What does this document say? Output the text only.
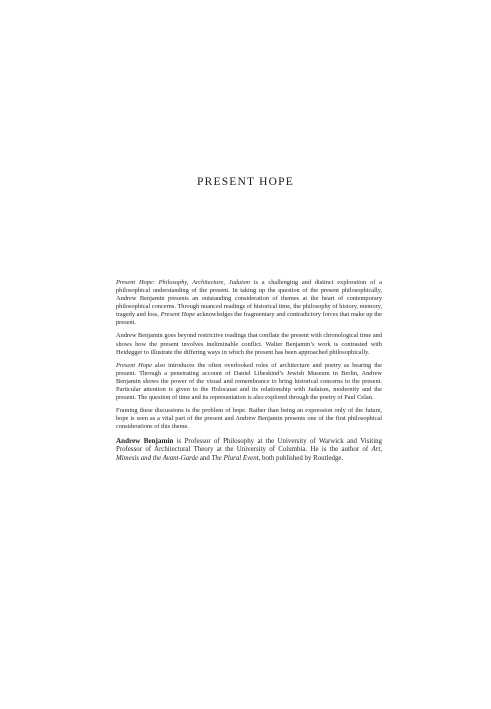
PRESENT HOPE

Present Hope: Philosophy, Architecture, Judaism is a challenging and distinct exploration of a philosophical understanding of the present. In taking up the question of the present philosophically, Andrew Benjamin presents an outstanding consideration of themes at the heart of contemporary philosophical concerns. Through nuanced readings of historical time, the philosophy of history, memory, tragedy and loss, Present Hope acknowledges the fragmentary and contradictory forces that make up the present.

Andrew Benjamin goes beyond restrictive readings that conflate the present with chronological time and shows how the present involves ineliminable conflict. Walter Benjamin’s work is contrasted with Heidegger to illustrate the differing ways in which the present has been approached philosophically.

Present Hope also introduces the often overlooked roles of architecture and poetry as bearing the present. Through a penetrating account of Daniel Libeskind’s Jewish Museum in Berlin, Andrew Benjamin shows the power of the visual and remembrance to bring historical concerns to the present. Particular attention is given to the Holocaust and its relationship with Judaism, modernity and the present. The question of time and its representation is also explored through the poetry of Paul Celan.

Framing these discussions is the problem of hope. Rather than being an expression only of the future, hope is seen as a vital part of the present and Andrew Benjamin presents one of the first philosophical considerations of this theme.

Andrew Benjamin is Professor of Philosophy at the University of Warwick and Visiting Professor of Architectural Theory at the University of Columbia. He is the author of Art, Mimesis and the Avant-Garde and The Plural Event, both published by Routledge.
